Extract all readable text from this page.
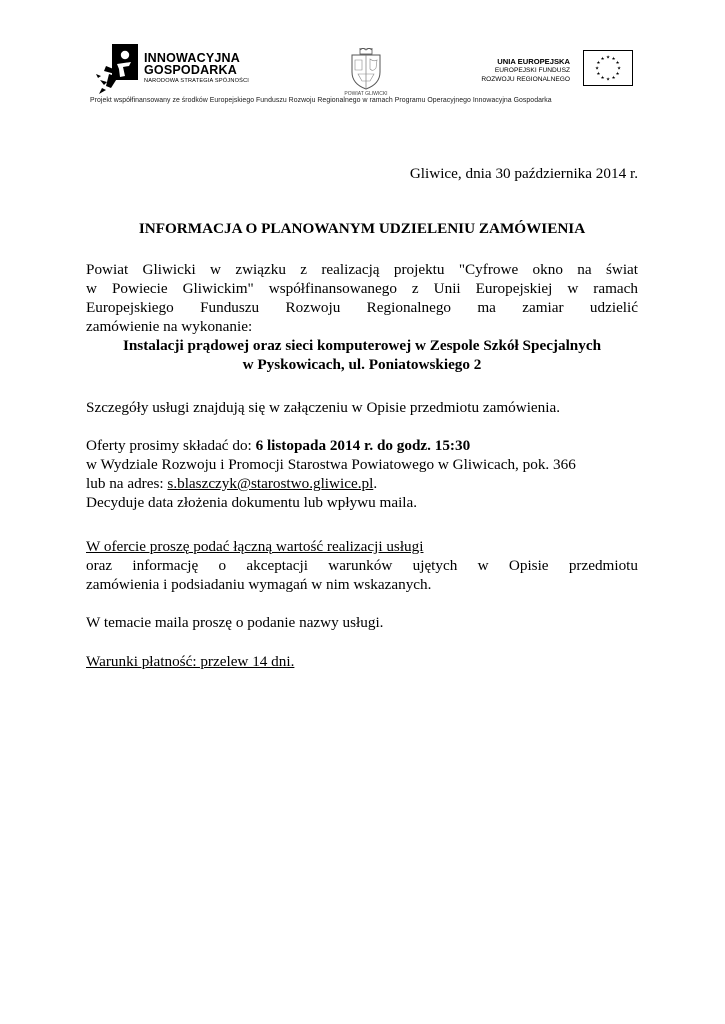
INNOWACYJNA
GOSPODARKA
NARODOWA STRATEGIA SPÓJNOŚCI
POWIAT GLIWICKI
UNIA EUROPEJSKA
EUROPEJSKI FUNDUSZ
ROZWOJU REGIONALNEGO
★ ★
★
★
★
★
★
★
★
★
★
★
Projekt współfinansowany ze środków Europejskiego Funduszu Rozwoju Regionalnego w ramach Programu Operacyjnego Innowacyjna Gospodarka
Gliwice, dnia 30 października 2014 r.
INFORMACJA O PLANOWANYM UDZIELENIU ZAMÓWIENIA
Powiat Gliwicki w związku z realizacją projektu "Cyfrowe okno na świat
w Powiecie Gliwickim" współfinansowanego z Unii Europejskiej w ramach
Europejskiego Funduszu Rozwoju Regionalnego ma zamiar udzielić
zamówienie na wykonanie:
Instalacji prądowej oraz sieci komputerowej w Zespole Szkół Specjalnych
w Pyskowicach, ul. Poniatowskiego 2
Szczegóły usługi znajdują się w załączeniu w Opisie przedmiotu zamówienia.
Oferty prosimy składać do: 6 listopada 2014 r. do godz. 15:30
w Wydziale Rozwoju i Promocji Starostwa Powiatowego w Gliwicach, pok. 366
lub na adres: s.blaszczyk@starostwo.gliwice.pl.
Decyduje data złożenia dokumentu lub wpływu maila.
W ofercie proszę podać łączną wartość realizacji usługi
oraz informację o akceptacji warunków ujętych w Opisie przedmiotu
zamówienia i podsiadaniu wymagań w nim wskazanych.
W temacie maila proszę o podanie nazwy usługi.
Warunki płatność: przelew 14 dni.
